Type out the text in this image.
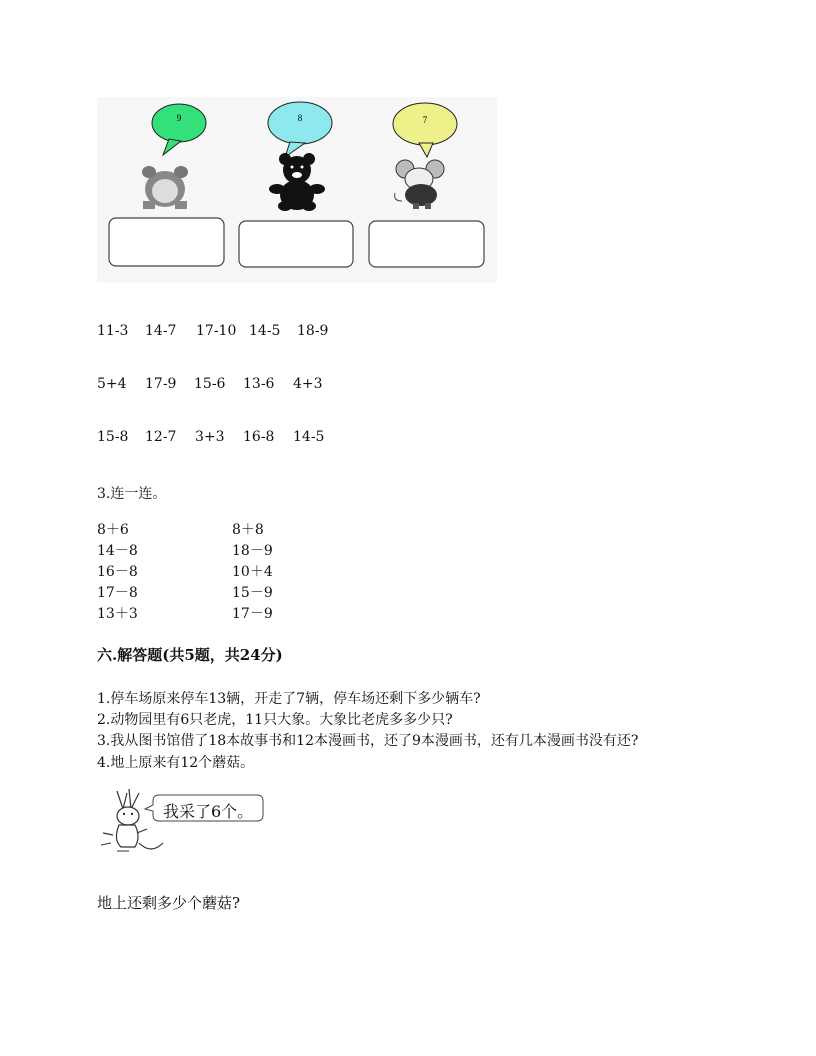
9	8	7
11-3 14-7 17-10 14-5 18-9
5+4 17-9 15-6 13-6 4+3
15-8 12-7 3+3 16-8 14-5
3.连一连。
8＋6
14－8
16－8
17－8
13＋3
8＋8
18－9
10＋4
15－9
17－9
六.解答题(共5题，共24分)
1.停车场原来停车13辆，开走了7辆，停车场还剩下多少辆车?
2.动物园里有6只老虎，11只大象。大象比老虎多多少只?
3.我从图书馆借了18本故事书和12本漫画书，还了9本漫画书，还有几本漫画书没有还?
4.地上原来有12个蘑菇。
我采了6个。
地上还剩多少个蘑菇?
